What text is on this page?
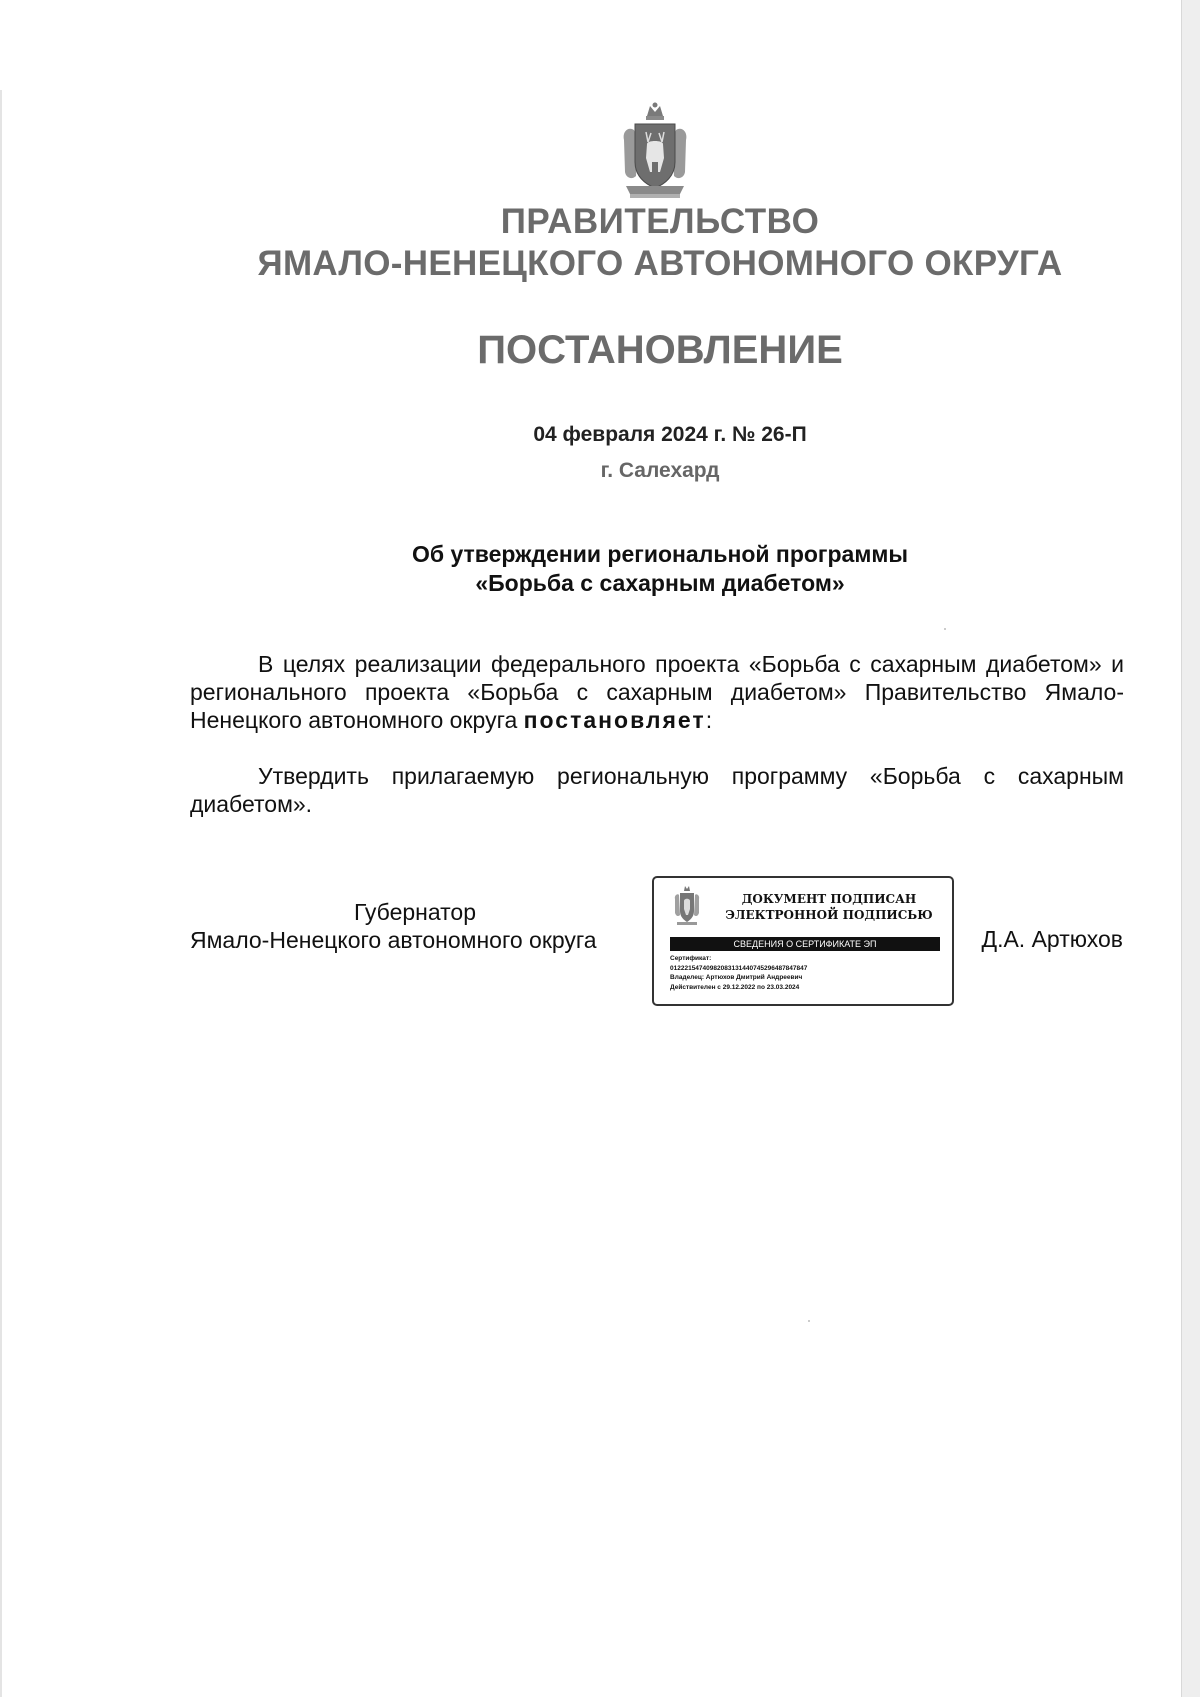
ПРАВИТЕЛЬСТВО
ЯМАЛО-НЕНЕЦКОГО АВТОНОМНОГО ОКРУГА
ПОСТАНОВЛЕНИЕ
04 февраля 2024 г. № 26-П
г. Салехард
Об утверждении региональной программы
«Борьба с сахарным диабетом»
В целях реализации федерального проекта «Борьба с сахарным диабетом» и регионального проекта «Борьба с сахарным диабетом» Правительство Ямало-Ненецкого автономного округа постановляет:
Утвердить прилагаемую региональную программу «Борьба с сахарным диабетом».
Губернатор
Ямало-Ненецкого автономного округа
ДОКУМЕНТ ПОДПИСАН
ЭЛЕКТРОННОЙ ПОДПИСЬЮ
СВЕДЕНИЯ О СЕРТИФИКАТЕ ЭП
Сертификат:
01222154740982083131440745296487847847
Владелец: Артюхов Дмитрий Андреевич
Действителен с 29.12.2022 по 23.03.2024
Д.А. Артюхов
